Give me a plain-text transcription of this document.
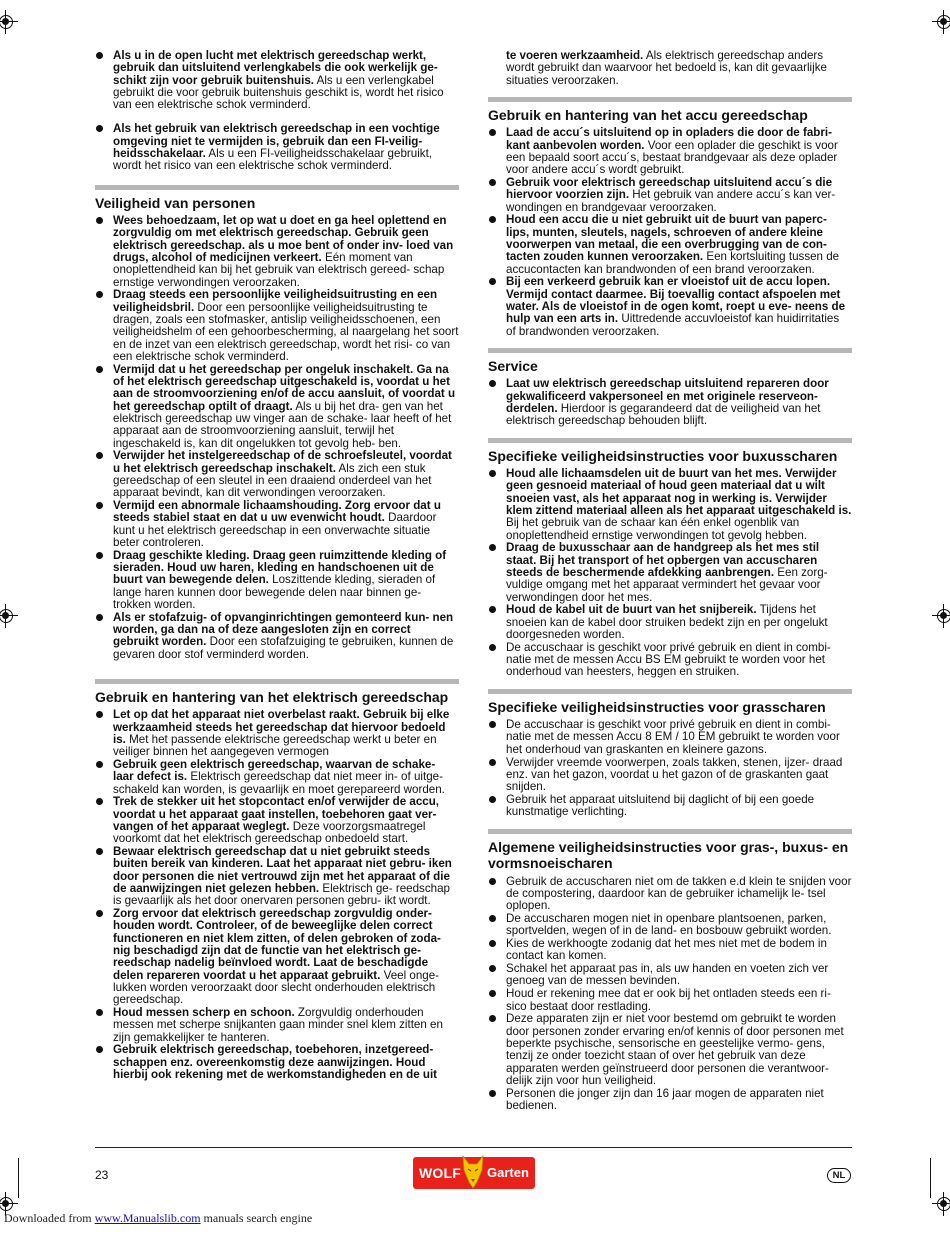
Als u in de open lucht met elektrisch gereedschap werkt, gebruik dan uitsluitend verlengkabels die ook werkelijk ge- schikt zijn voor gebruik buitenshuis. Als u een verlengkabel gebruikt die voor gebruik buitenshuis geschikt is, wordt het risico van een elektrische schok verminderd.
Als het gebruik van elektrisch gereedschap in een vochtige omgeving niet te vermijden is, gebruik dan een FI-veilig- heidsschakelaar. Als u een FI-veiligheidsschakelaar gebruikt, wordt het risico van een elektrische schok verminderd.
Veiligheid van personen
Wees behoedzaam, let op wat u doet en ga heel oplettend en zorgvuldig om met elektrisch gereedschap. Gebruik geen elektrisch gereedschap. als u moe bent of onder inv- loed van drugs, alcohol of medicijnen verkeert. Eén moment van onoplettendheid kan bij het gebruik van elektrisch gereed- schap ernstige verwondingen veroorzaken.
Draag steeds een persoonlijke veiligheidsuitrusting en een veiligheidsbril. Door een persoonlijke veiligheidsuitrusting te dragen, zoals een stofmasker, antislip veiligheidsschoenen, een veiligheidshelm of een gehoorbescherming, al naargelang het soort en de inzet van een elektrisch gereedschap, wordt het risi- co van een elektrische schok verminderd.
Vermijd dat u het gereedschap per ongeluk inschakelt. Ga na of het elektrisch gereedschap uitgeschakeld is, voordat u het aan de stroomvoorziening en/of de accu aansluit, of voordat u het gereedschap optilt of draagt. Als u bij het dra- gen van het elektrisch gereedschap uw vinger aan de schake- laar heeft of het apparaat aan de stroomvoorziening aansluit, terwijl het ingeschakeld is, kan dit ongelukken tot gevolg heb- ben.
Verwijder het instelgereedschap of de schroefsleutel, voordat u het elektrisch gereedschap inschakelt. Als zich een stuk gereedschap of een sleutel in een draaiend onderdeel van het apparaat bevindt, kan dit verwondingen veroorzaken.
Vermijd een abnormale lichaamshouding. Zorg ervoor dat u steeds stabiel staat en dat u uw evenwicht houdt. Daardoor kunt u het elektrisch gereedschap in een onverwachte situatie beter controleren.
Draag geschikte kleding. Draag geen ruimzittende kleding of sieraden. Houd uw haren, kleding en handschoenen uit de buurt van bewegende delen. Loszittende kleding, sieraden of lange haren kunnen door bewegende delen naar binnen ge- trokken worden.
Als er stofafzuig- of opvanginrichtingen gemonteerd kun- nen worden, ga dan na of deze aangesloten zijn en correct gebruikt worden. Door een stofafzuiging te gebruiken, kunnen de gevaren door stof verminderd worden.
Gebruik en hantering van het elektrisch gereedschap
Let op dat het apparaat niet overbelast raakt. Gebruik bij elke werkzaamheid steeds het gereedschap dat hiervoor bedoeld is. Met het passende elektrische gereedschap werkt u beter en veiliger binnen het aangegeven vermogen
Gebruik geen elektrisch gereedschap, waarvan de schake- laar defect is. Elektrisch gereedschap dat niet meer in- of uitge- schakeld kan worden, is gevaarlijk en moet gerepareerd worden.
Trek de stekker uit het stopcontact en/of verwijder de accu, voordat u het apparaat gaat instellen, toebehoren gaat ver- vangen of het apparaat weglegt. Deze voorzorgsmaatregel voorkomt dat het elektrisch gereedschap onbedoeld start.
Bewaar elektrisch gereedschap dat u niet gebruikt steeds buiten bereik van kinderen. Laat het apparaat niet gebru- iken door personen die niet vertrouwd zijn met het apparaat of die de aanwijzingen niet gelezen hebben. Elektrisch ge- reedschap is gevaarlijk als het door onervaren personen gebru- ikt wordt.
Zorg ervoor dat elektrisch gereedschap zorgvuldig onder- houden wordt. Controleer, of de beweeglijke delen correct functioneren en niet klem zitten, of delen gebroken of zoda- nig beschadigd zijn dat de functie van het elektrisch ge- reedschap nadelig beïnvloed wordt. Laat de beschadigde delen repareren voordat u het apparaat gebruikt. Veel onge- lukken worden veroorzaakt door slecht onderhouden elektrisch gereedschap.
Houd messen scherp en schoon. Zorgvuldig onderhouden messen met scherpe snijkanten gaan minder snel klem zitten en zijn gemakkelijker te hanteren.
Gebruik elektrisch gereedschap, toebehoren, inzetgereed- schappen enz. overeenkomstig deze aanwijzingen. Houd hierbij ook rekening met de werkomstandigheden en de uit
te voeren werkzaamheid. Als elektrisch gereedschap anders wordt gebruikt dan waarvoor het bedoeld is, kan dit gevaarlijke situaties veroorzaken.
Gebruik en hantering van het accu gereedschap
Laad de accu´s uitsluitend op in opladers die door de fabri- kant aanbevolen worden. Voor een oplader die geschikt is voor een bepaald soort accu´s, bestaat brandgevaar als deze oplader voor andere accu´s wordt gebruikt.
Gebruik voor elektrisch gereedschap uitsluitend accu´s die hiervoor voorzien zijn. Het gebruik van andere accu´s kan ver- wondingen en brandgevaar veroorzaken.
Houd een accu die u niet gebruikt uit de buurt van paperc- lips, munten, sleutels, nagels, schroeven of andere kleine voorwerpen van metaal, die een overbrugging van de con- tacten zouden kunnen veroorzaken. Een kortsluiting tussen de accucontacten kan brandwonden of een brand veroorzaken.
Bij een verkeerd gebruik kan er vloeistof uit de accu lopen. Vermijd contact daarmee. Bij toevallig contact afspoelen met water. Als de vloeistof in de ogen komt, roept u eve- neens de hulp van een arts in. Uittredende accuvloeistof kan huidirritaties of brandwonden veroorzaken.
Service
Laat uw elektrisch gereedschap uitsluitend repareren door gekwalificeerd vakpersoneel en met originele reserveon- derdelen. Hierdoor is gegarandeerd dat de veiligheid van het elektrisch gereedschap behouden blijft.
Specifieke veiligheidsinstructies voor buxusscharen
Houd alle lichaamsdelen uit de buurt van het mes. Verwijder geen gesnoeid materiaal of houd geen materiaal dat u wilt snoeien vast, als het apparaat nog in werking is. Verwijder klem zittend materiaal alleen als het apparaat uitgeschakeld is. Bij het gebruik van de schaar kan één enkel ogenblik van onoplettendheid ernstige verwondingen tot gevolg hebben.
Draag de buxusschaar aan de handgreep als het mes stil staat. Bij het transport of het opbergen van accuscharen steeds de beschermende afdekking aanbrengen. Een zorg- vuldige omgang met het apparaat vermindert het gevaar voor verwondingen door het mes.
Houd de kabel uit de buurt van het snijbereik. Tijdens het snoeien kan de kabel door struiken bedekt zijn en per ongelukt doorgesneden worden.
De accuschaar is geschikt voor privé gebruik en dient in combi- natie met de messen Accu BS EM gebruikt te worden voor het onderhoud van heesters, heggen en struiken.
Specifieke veiligheidsinstructies voor grasscharen
De accuschaar is geschikt voor privé gebruik en dient in combi- natie met de messen Accu 8 EM / 10 EM gebruikt te worden voor het onderhoud van graskanten en kleinere gazons.
Verwijder vreemde voorwerpen, zoals takken, stenen, ijzer- draad enz. van het gazon, voordat u het gazon of de graskanten gaat snijden.
Gebruik het apparaat uitsluitend bij daglicht of bij een goede kunstmatige verlichting.
Algemene veiligheidsinstructies voor gras-, buxus- en vormsnoeischaren
Gebruik de accuscharen niet om de takken e.d klein te snijden voor de compostering, daardoor kan de gebruiker ichamelijk le- tsel oplopen.
De accuscharen mogen niet in openbare plantsoenen, parken, sportvelden, wegen of in de land- en bosbouw gebruikt worden.
Kies de werkhoogte zodanig dat het mes niet met de bodem in contact kan komen.
Schakel het apparaat pas in, als uw handen en voeten zich ver genoeg van de messen bevinden.
Houd er rekening mee dat er ook bij het ontladen steeds een ri- sico bestaat door restlading.
Deze apparaten zijn er niet voor bestemd om gebruikt te worden door personen zonder ervaring en/of kennis of door personen met beperkte psychische, sensorische en geestelijke vermo- gens, tenzij ze onder toezicht staan of over het gebruik van deze apparaten werden geïnstrueerd door personen die verantwoor- delijk zijn voor hun veiligheid.
Personen die jonger zijn dan 16 jaar mogen de apparaten niet bedienen.
23	WOLF Garten	NL
Downloaded from www.Manualslib.com manuals search engine
